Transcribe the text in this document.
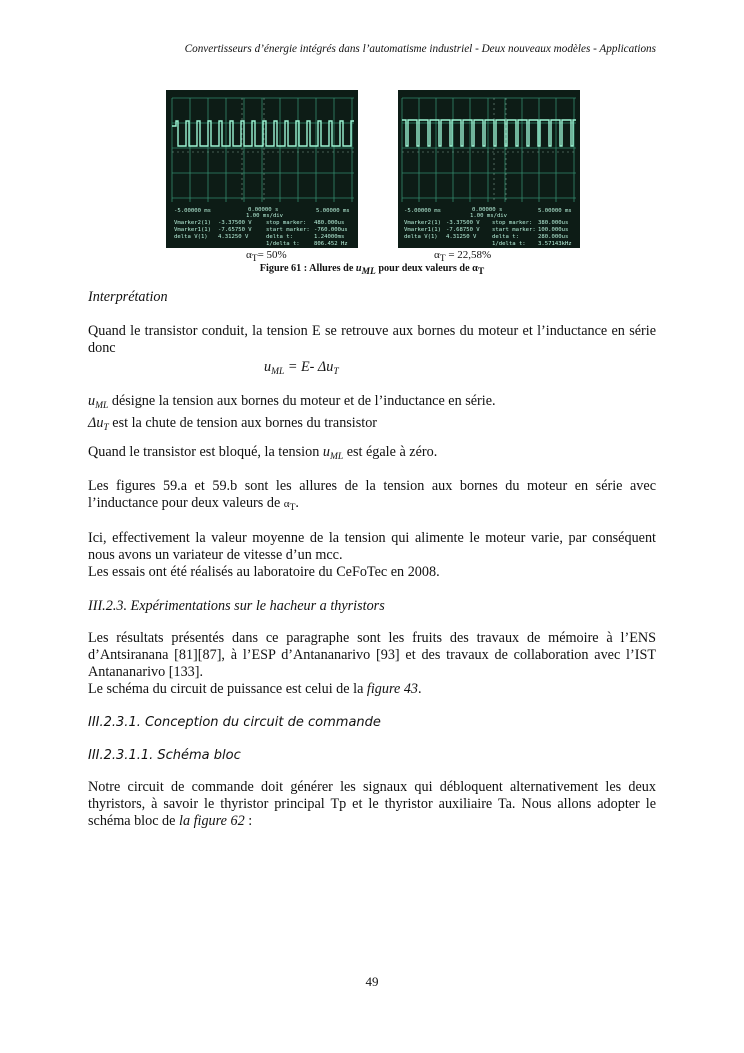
Convertisseurs d’énergie intégrés dans l’automatisme industriel - Deux nouveaux modèles - Applications
-5.00000 ms	0.00000 s
1.00 ms/div
5.00000 ms
Vmarker2(1) -3.37500 V	stop marker: 480.000us
Vmarker1(1) -7.65750 V	start marker: -760.000us
delta V(1) 4.31250 V	delta t:	1.24000ms
1/delta t:	806.452 Hz
-5.00000 ms	0.00000 s
1.00 ms/div
5.00000 ms
Vmarker2(1) -3.37500 V stop marker: 380.000us
Vmarker1(1) -7.68750 V start marker: 100.000us
delta V(1) 4.31250 V	delta t:	280.000us
1/delta t: 3.57143kHz
αT= 50%	αT = 22,58%
Figure 61 : Allures de uML pour deux valeurs de αT
Interprétation
Quand le transistor conduit, la tension E se retrouve aux bornes du moteur et l’inductance en série donc
$u_{ML} = E-$ $\Delta u_T$
$u_{ML}$ désigne la tension aux bornes du moteur et de l’inductance en série.
$\Delta u_T$ est la chute de tension aux bornes du transistor
Quand le transistor est bloqué, la tension $u_{ML}$ est égale à zéro.
Les figures 59.a et 59.b sont les allures de la tension aux bornes du moteur en série avec l’inductance pour deux valeurs de $\alpha_T$.
Ici, effectivement la valeur moyenne de la tension qui alimente le moteur varie, par conséquent nous avons un variateur de vitesse d’un mcc.
Les essais ont été réalisés au laboratoire du CeFoTec en 2008.
III.2.3. Expérimentations sur le hacheur a thyristors
Les résultats présentés dans ce paragraphe sont les fruits des travaux de mémoire à l’ENS d’Antsiranana [81][87], à l’ESP d’Antananarivo [93] et des travaux de collaboration avec l’IST Antananarivo [133].
Le schéma du circuit de puissance est celui de la figure 43.
III.2.3.1. Conception du circuit de commande
III.2.3.1.1. Schéma bloc
Notre circuit de commande doit générer les signaux qui débloquent alternativement les deux thyristors, à savoir le thyristor principal Tp et le thyristor auxiliaire Ta. Nous allons adopter le schéma bloc de la figure 62 :
49
